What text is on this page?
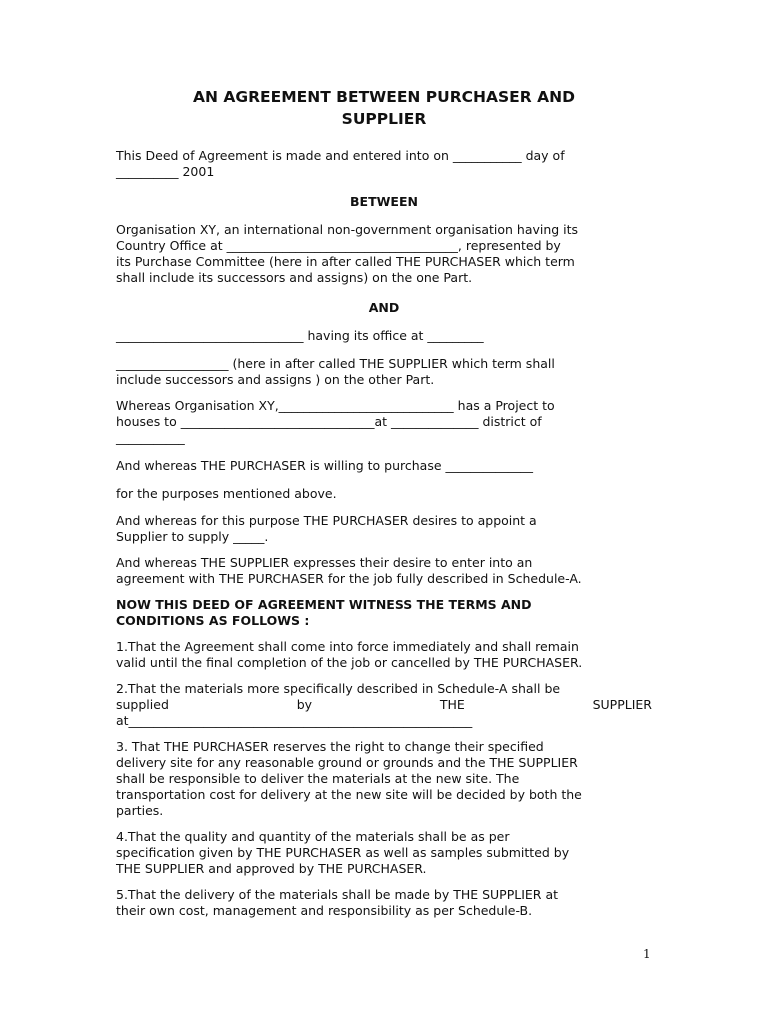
AN AGREEMENT BETWEEN PURCHASER AND
SUPPLIER

This Deed of Agreement is made and entered into on ___________ day of
__________ 2001

BETWEEN

Organisation XY, an international non-government organisation having its
Country Office at _____________________________________, represented by
its Purchase Committee (here in after called THE PURCHASER which term
shall include its successors and assigns) on the one Part.

AND

______________________________ having its office at _________

__________________ (here in after called THE SUPPLIER which term shall
include successors and assigns ) on the other Part.

Whereas Organisation XY,____________________________ has a Project to
houses to _______________________________at ______________ district of
___________

And whereas THE PURCHASER is willing to purchase ______________

for the purposes mentioned above.

And whereas for this purpose THE PURCHASER desires to appoint a
Supplier to supply _____.

And whereas THE SUPPLIER expresses their desire to enter into an
agreement with THE PURCHASER for the job fully described in Schedule-A.

NOW THIS DEED OF AGREEMENT WITNESS THE TERMS AND
CONDITIONS AS FOLLOWS :

1.That the Agreement shall come into force immediately and shall remain
valid until the final completion of the job or cancelled by THE PURCHASER.

2.That the materials more specifically described in Schedule-A shall be
supplied	by	THE	SUPPLIER
at_______________________________________________________

3. That THE PURCHASER reserves the right to change their specified
delivery site for any reasonable ground or grounds and the THE SUPPLIER
shall be responsible to deliver the materials at the new site. The
transportation cost for delivery at the new site will be decided by both the
parties.

4.That the quality and quantity of the materials shall be as per
specification given by THE PURCHASER as well as samples submitted by
THE SUPPLIER and approved by THE PURCHASER.

5.That the delivery of the materials shall be made by THE SUPPLIER at
their own cost, management and responsibility as per Schedule-B.

1
